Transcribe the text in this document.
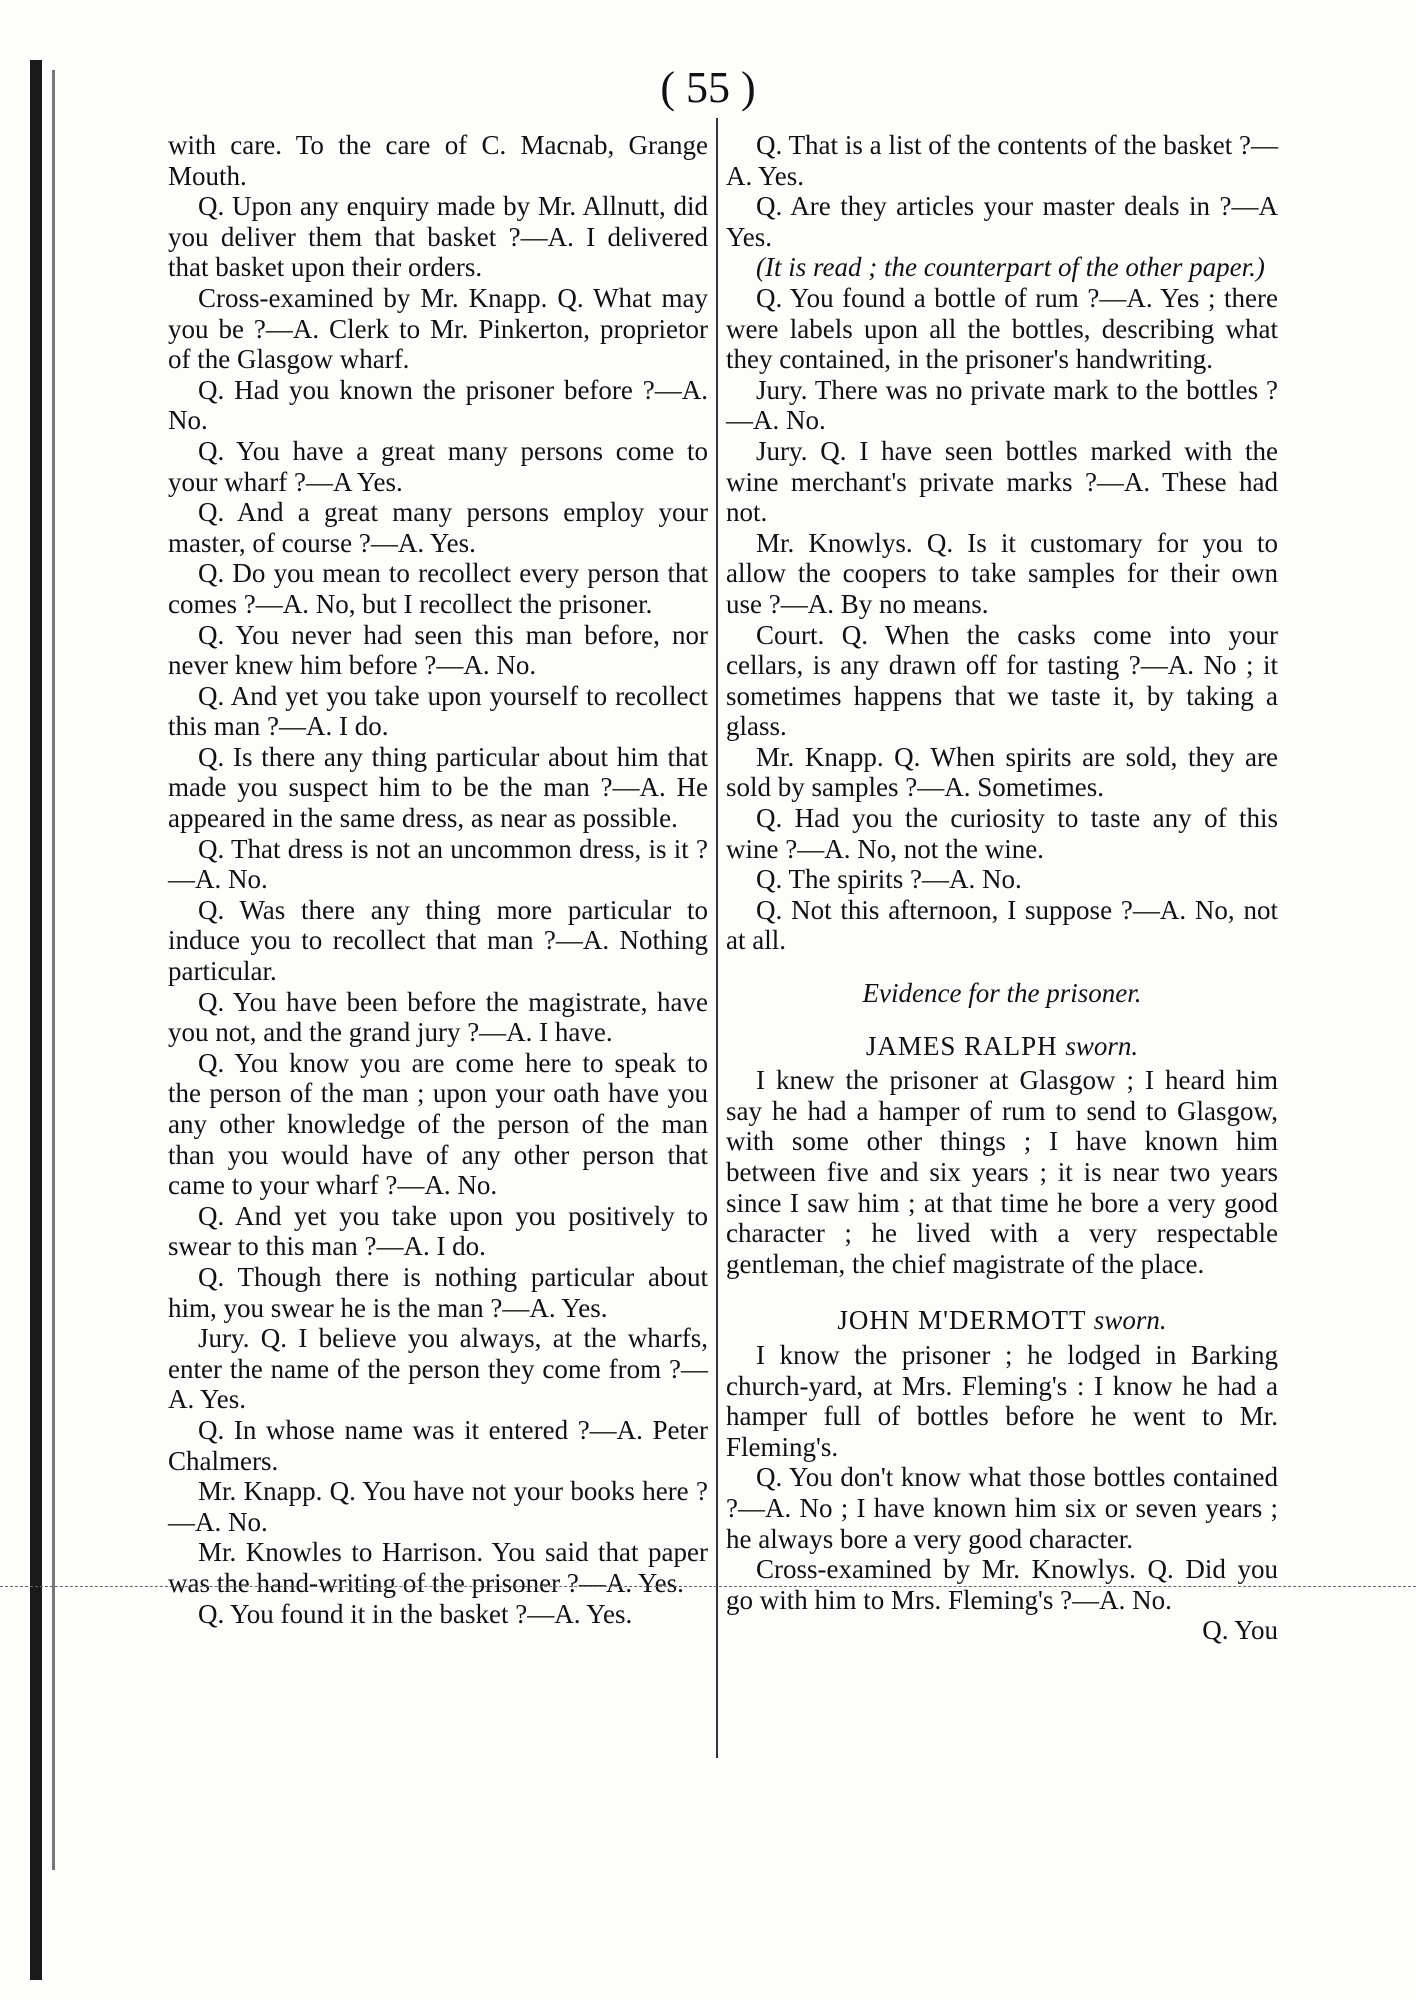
( 55 )

with care. To the care of C. Macnab, Grange Mouth.

Q. Upon any enquiry made by Mr. Allnutt, did you deliver them that basket ?—A. I delivered that basket upon their orders.

Cross-examined by Mr. Knapp. Q. What may you be ?—A. Clerk to Mr. Pinkerton, proprietor of the Glasgow wharf.

Q. Had you known the prisoner before ?—A. No.

Q. You have a great many persons come to your wharf ?—A Yes.

Q. And a great many persons employ your master, of course ?—A. Yes.

Q. Do you mean to recollect every person that comes ?—A. No, but I recollect the prisoner.

Q. You never had seen this man before, nor never knew him before ?—A. No.

Q. And yet you take upon yourself to recollect this man ?—A. I do.

Q. Is there any thing particular about him that made you suspect him to be the man ?—A. He appeared in the same dress, as near as possible.

Q. That dress is not an uncommon dress, is it ?—A. No.

Q. Was there any thing more particular to induce you to recollect that man ?—A. Nothing particular.

Q. You have been before the magistrate, have you not, and the grand jury ?—A. I have.

Q. You know you are come here to speak to the person of the man ; upon your oath have you any other knowledge of the person of the man than you would have of any other person that came to your wharf ?—A. No.

Q. And yet you take upon you positively to swear to this man ?—A. I do.

Q. Though there is nothing particular about him, you swear he is the man ?—A. Yes.

Jury. Q. I believe you always, at the wharfs, enter the name of the person they come from ?—A. Yes.

Q. In whose name was it entered ?—A. Peter Chalmers.

Mr. Knapp. Q. You have not your books here ?—A. No.

Mr. Knowles to Harrison. You said that paper was the hand-writing of the prisoner ?—A. Yes.

Q. You found it in the basket ?—A. Yes.

Q. That is a list of the contents of the basket ?—A. Yes.

Q. Are they articles your master deals in ?—A Yes.

(It is read ; the counterpart of the other paper.)

Q. You found a bottle of rum ?—A. Yes ; there were labels upon all the bottles, describing what they contained, in the prisoner's handwriting.

Jury. There was no private mark to the bottles ?—A. No.

Jury. Q. I have seen bottles marked with the wine merchant's private marks ?—A. These had not.

Mr. Knowlys. Q. Is it customary for you to allow the coopers to take samples for their own use ?—A. By no means.

Court. Q. When the casks come into your cellars, is any drawn off for tasting ?—A. No ; it sometimes happens that we taste it, by taking a glass.

Mr. Knapp. Q. When spirits are sold, they are sold by samples ?—A. Sometimes.

Q. Had you the curiosity to taste any of this wine ?—A. No, not the wine.

Q. The spirits ?—A. No.

Q. Not this afternoon, I suppose ?—A. No, not at all.

Evidence for the prisoner.

JAMES RALPH sworn.

I knew the prisoner at Glasgow ; I heard him say he had a hamper of rum to send to Glasgow, with some other things ; I have known him between five and six years ; it is near two years since I saw him ; at that time he bore a very good character ; he lived with a very respectable gentleman, the chief magistrate of the place.

JOHN M'DERMOTT sworn.

I know the prisoner ; he lodged in Barking church-yard, at Mrs. Fleming's : I know he had a hamper full of bottles before he went to Mr. Fleming's.

Q. You don't know what those bottles contained ?—A. No ; I have known him six or seven years ; he always bore a very good character.

Cross-examined by Mr. Knowlys. Q. Did you go with him to Mrs. Fleming's ?—A. No.

Q. You
